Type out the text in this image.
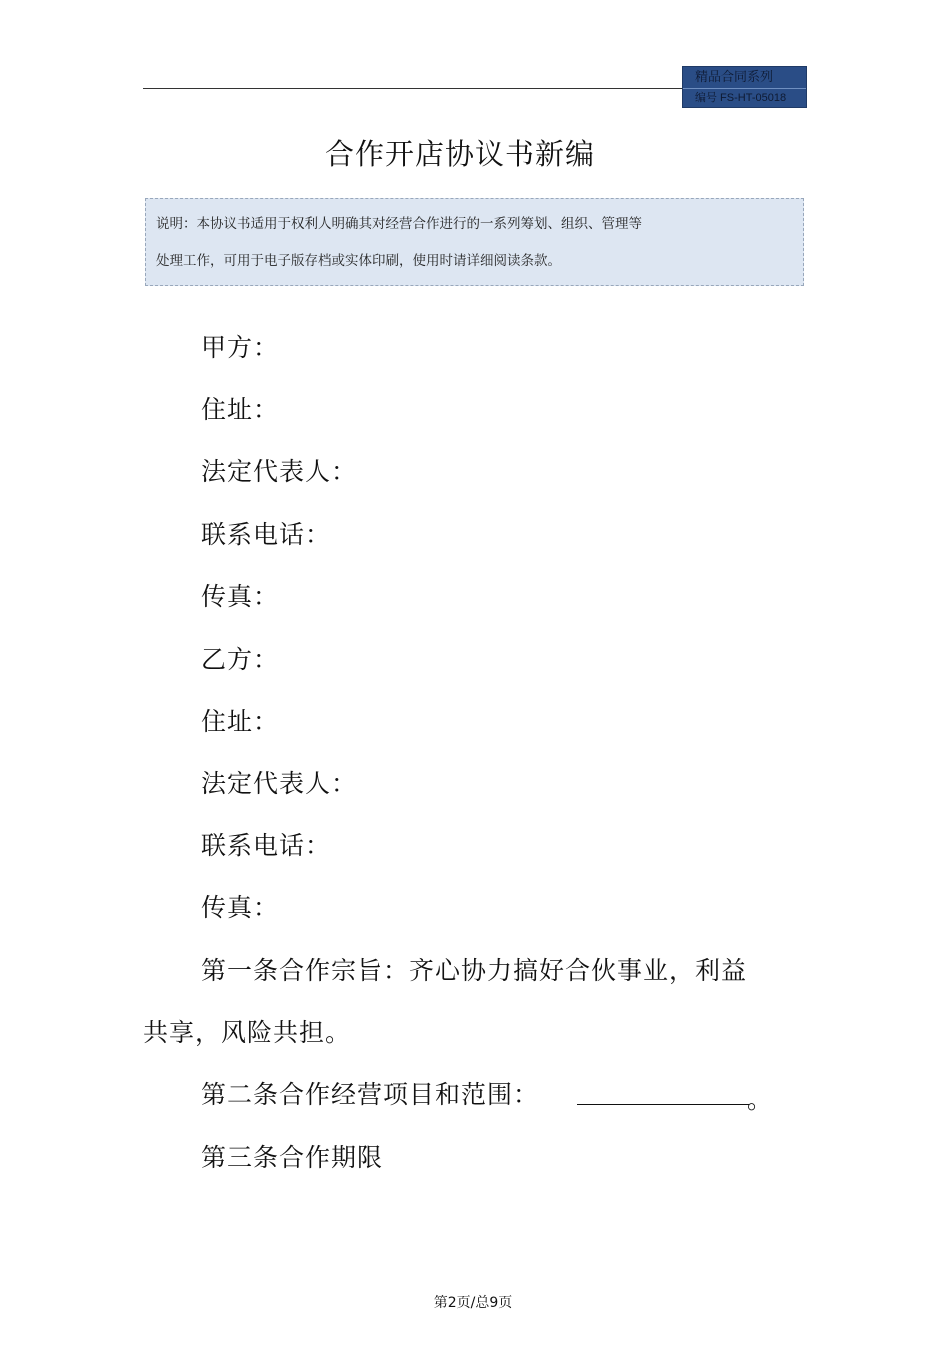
精品合同系列
编号 FS-HT-05018
合作开店协议书新编
说明：本协议书适用于权利人明确其对经营合作进行的一系列筹划、组织、管理等
处理工作，可用于电子版存档或实体印刷，使用时请详细阅读条款。
甲方：
住址：
法定代表人：
联系电话：
传真：
乙方：
住址：
法定代表人：
联系电话：
传真：
第一条合作宗旨：齐心协力搞好合伙事业，利益
共享，风险共担。
第二条合作经营项目和范围：	。
第三条合作期限
第2页/总9页
